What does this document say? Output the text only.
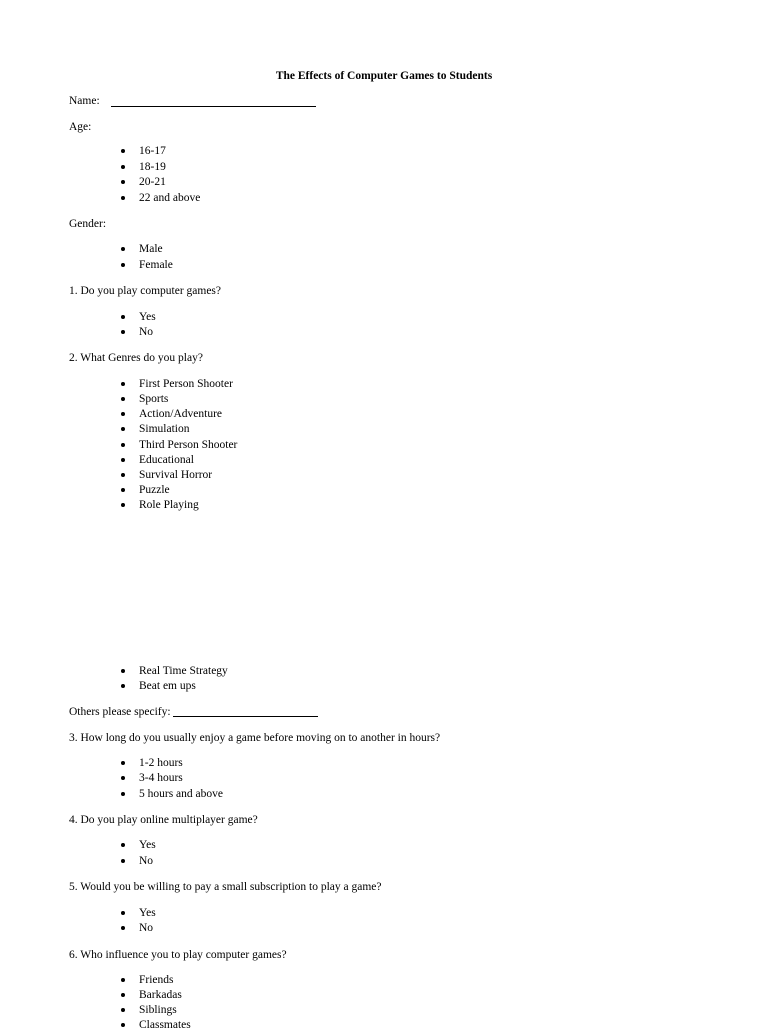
The Effects of Computer Games to Students
Name:
Age:
16-17
18-19
20-21
22 and above
Gender:
Male
Female
1. Do you play computer games?
Yes
No
2. What Genres do you play?
First Person Shooter
Sports
Action/Adventure
Simulation
Third Person Shooter
Educational
Survival Horror
Puzzle
Role Playing
Real Time Strategy
Beat em ups
Others please specify:
3. How long do you usually enjoy a game before moving on to another in hours?
1-2 hours
3-4 hours
5 hours and above
4. Do you play online multiplayer game?
Yes
No
5. Would you be willing to pay a small subscription to play a game?
Yes
No
6. Who influence you to play computer games?
Friends
Barkadas
Siblings
Classmates
